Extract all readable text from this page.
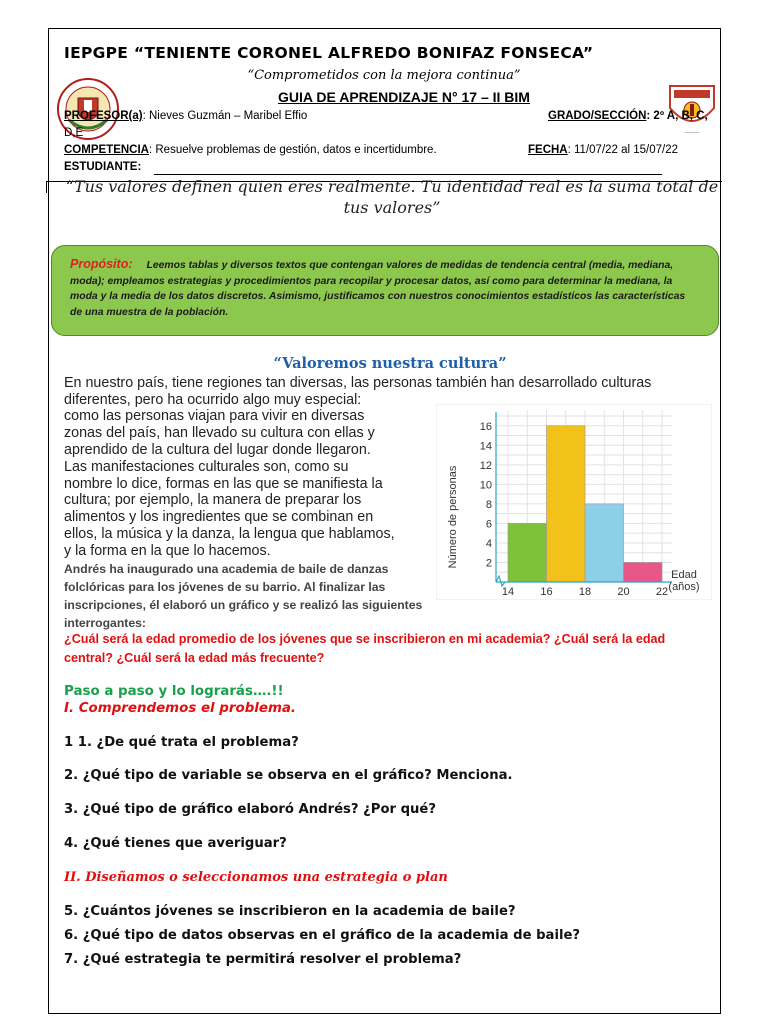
_____
IEPGPE “TENIENTE CORONEL ALFREDO BONIFAZ FONSECA”
“Comprometidos con la mejora continua”
GUIA DE APRENDIZAJE N° 17 – II BIM
PROFESOR(a): Nieves Guzmán – Maribel Effio	GRADO/SECCIÓN: 2º A, B, C,
D,E
COMPETENCIA: Resuelve problemas de gestión, datos e incertidumbre.	FECHA: 11/07/22 al 15/07/22
ESTUDIANTE:
“Tus valores definen quien eres realmente. Tu identidad real es la suma total de tus valores”
Propósito: Leemos tablas y diversos textos que contengan valores de medidas de tendencia central (media, mediana, moda); empleamos estrategias y procedimientos para recopilar y procesar datos, así como para determinar la mediana, la moda y la media de los datos discretos. Asimismo, justificamos con nuestros conocimientos estadísticos las características de una muestra de la población.
“Valoremos nuestra cultura”
En nuestro país, tiene regiones tan diversas, las personas también han desarrollado culturas
diferentes, pero ha ocurrido algo muy especial:
como las personas viajan para vivir en diversas
zonas del país, han llevado su cultura con ellas y
aprendido de la cultura del lugar donde llegaron.
Las manifestaciones culturales son, como su
nombre lo dice, formas en las que se manifiesta la
cultura; por ejemplo, la manera de preparar los
alimentos y los ingredientes que se combinan en
ellos, la música y la danza, la lengua que hablamos,
y la forma en la que lo hacemos.
Andrés ha inaugurado una academia de baile de danzas folclóricas para los jóvenes de su barrio. Al finalizar las inscripciones, él elaboró un gráfico y se realizó las siguientes interrogantes:
2
4
6
8
10
12
14
16
14 16 18 20 22
Número de personas
Edad (años)
¿Cuál será la edad promedio de los jóvenes que se inscribieron en mi academia? ¿Cuál será la edad central? ¿Cuál será la edad más frecuente?
Paso a paso y lo lograrás….!!
I. Comprendemos el problema.
1 1. ¿De qué trata el problema?
2. ¿Qué tipo de variable se observa en el gráfico? Menciona.
3. ¿Qué tipo de gráfico elaboró Andrés? ¿Por qué?
4. ¿Qué tienes que averiguar?
II. Diseñamos o seleccionamos una estrategia o plan
5. ¿Cuántos jóvenes se inscribieron en la academia de baile?
6. ¿Qué tipo de datos observas en el gráfico de la academia de baile?
7. ¿Qué estrategia te permitirá resolver el problema?
